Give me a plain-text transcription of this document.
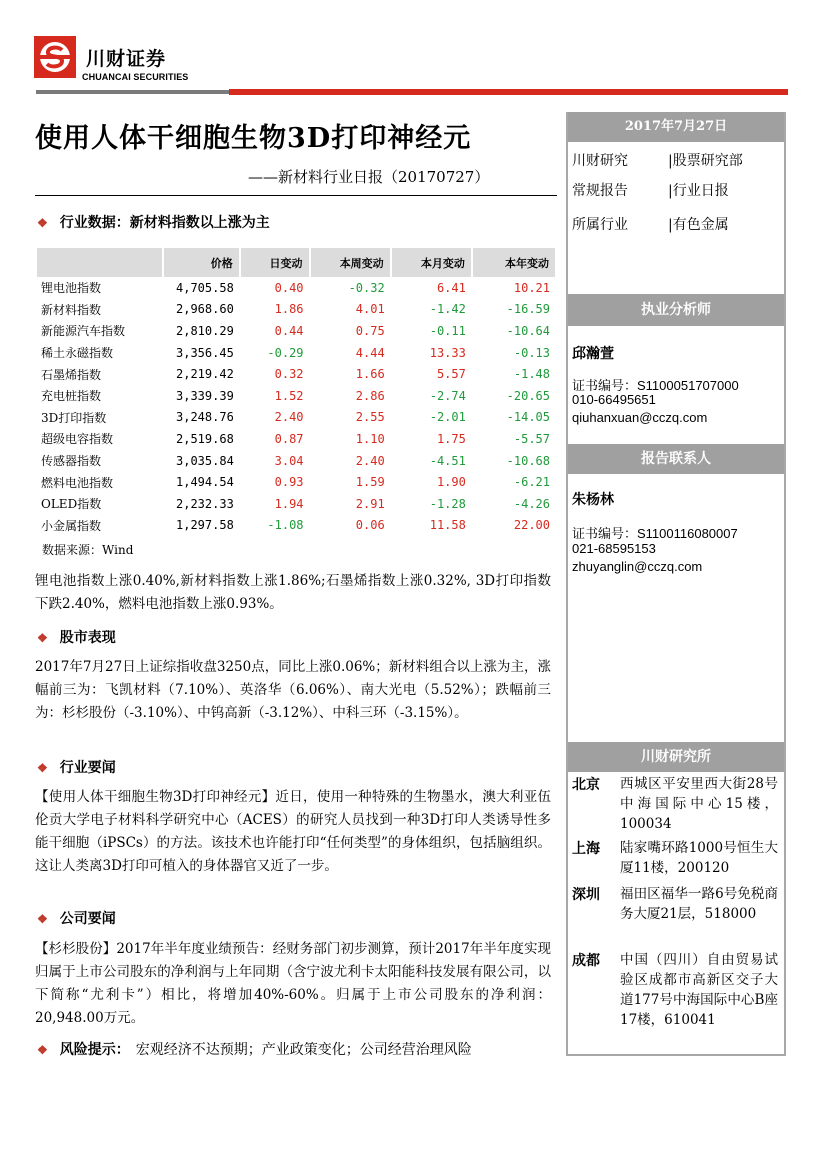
川财证券
CHUANCAI SECURITIES
使用人体干细胞生物3D打印神经元
——新材料行业日报（20170727）
❖ 行业数据：新材料指数以上涨为主
	价格	日变动	本周变动	本月变动	本年变动
锂电池指数	4,705.58	0.40	-0.32	6.41	10.21
新材料指数	2,968.60	1.86	4.01	-1.42	-16.59
新能源汽车指数	2,810.29	0.44	0.75	-0.11	-10.64
稀土永磁指数	3,356.45	-0.29	4.44	13.33	-0.13
石墨烯指数	2,219.42	0.32	1.66	5.57	-1.48
充电桩指数	3,339.39	1.52	2.86	-2.74	-20.65
3D打印指数	3,248.76	2.40	2.55	-2.01	-14.05
超级电容指数	2,519.68	0.87	1.10	1.75	-5.57
传感器指数	3,035.84	3.04	2.40	-4.51	-10.68
燃料电池指数	1,494.54	0.93	1.59	1.90	-6.21
OLED指数	2,232.33	1.94	2.91	-1.28	-4.26
小金属指数	1,297.58	-1.08	0.06	11.58	22.00
数据来源：Wind
锂电池指数上涨0.40%,新材料指数上涨1.86%;石墨烯指数上涨0.32%, 3D打印指数下跌2.40%，燃料电池指数上涨0.93%。
❖ 股市表现
2017年7月27日上证综指收盘3250点，同比上涨0.06%；新材料组合以上涨为主，涨幅前三为：飞凯材料（7.10%）、英洛华（6.06%）、南大光电（5.52%）；跌幅前三为：杉杉股份（-3.10%）、中钨高新（-3.12%）、中科三环（-3.15%）。
❖ 行业要闻
【使用人体干细胞生物3D打印神经元】近日，使用一种特殊的生物墨水，澳大利亚伍伦贡大学电子材料科学研究中心（ACES）的研究人员找到一种3D打印人类诱导性多能干细胞（iPSCs）的方法。该技术也许能打印“任何类型”的身体组织，包括脑组织。这让人类离3D打印可植入的身体器官又近了一步。
❖ 公司要闻
【杉杉股份】2017年半年度业绩预告：经财务部门初步测算，预计2017年半年度实现归属于上市公司股东的净利润与上年同期（含宁波尤利卡太阳能科技发展有限公司，以下简称“尤利卡”）相比，将增加40%-60%。归属于上市公司股东的净利润：20,948.00万元。
❖ 风险提示： 宏观经济不达预期；产业政策变化；公司经营治理风险
2017年7月27日
川财研究	|股票研究部
常规报告	|行业日报
所属行业	|有色金属
执业分析师
邱瀚萱
证书编号：S1100051707000
010-66495651
qiuhanxuan@cczq.com
报告联系人
朱杨林
证书编号：S1100116080007
021-68595153
zhuyanglin@cczq.com
川财研究所
北京 西城区平安里西大街28号中海国际中心15楼，100034
上海 陆家嘴环路1000号恒生大厦11楼，200120
深圳 福田区福华一路6号免税商务大厦21层，518000
成都 中国（四川）自由贸易试验区成都市高新区交子大道177号中海国际中心B座17楼，610041
